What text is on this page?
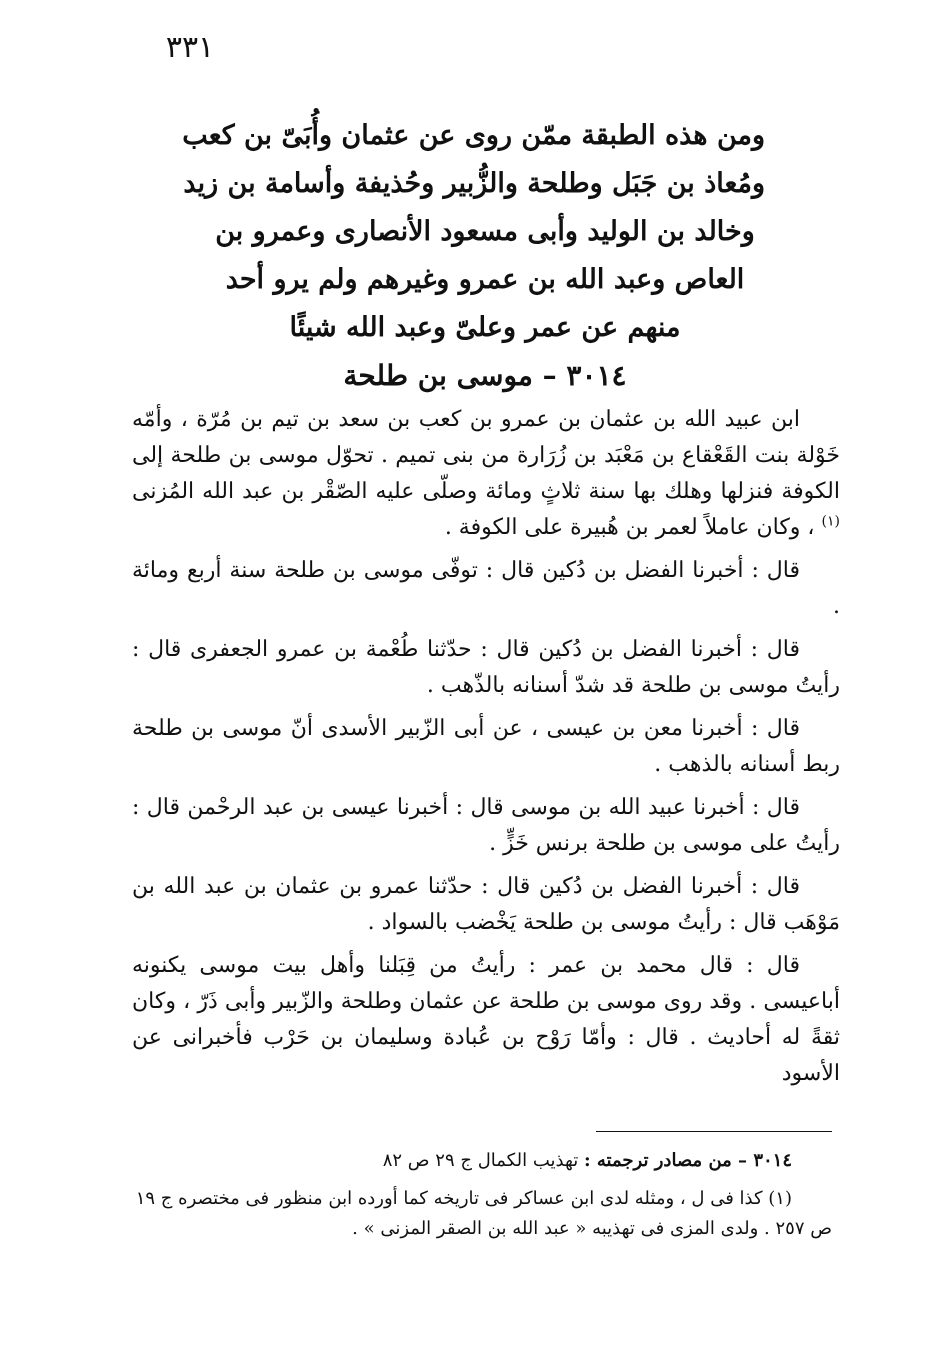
٣٣١
ومن هذه الطبقة ممّن روى عن عثمان وأُبَىّ بن كعب
ومُعاذ بن جَبَل وطلحة والزُّبير وحُذيفة وأسامة بن زيد
وخالد بن الوليد وأبى مسعود الأنصارى وعمرو بن
العاص وعبد الله بن عمرو وغيرهم ولم يرو أحد
منهم عن عمر وعلىّ وعبد الله شيئًا
٣٠١٤ – موسى بن طلحة

ابن عبيد الله بن عثمان بن عمرو بن كعب بن سعد بن تيم بن مُرّة ، وأمّه خَوْلة بنت القَعْقاع بن مَعْبَد بن زُرَارة من بنى تميم . تحوّل موسى بن طلحة إلى الكوفة فنزلها وهلك بها سنة ثلاثٍ ومائة وصلّى عليه الصّقْر بن عبد الله المُزنى $^{(١)}$ ، وكان عاملاً لعمر بن هُبيرة على الكوفة .

قال : أخبرنا الفضل بن دُكين قال : توفّى موسى بن طلحة سنة أربع ومائة .

قال : أخبرنا الفضل بن دُكين قال : حدّثنا طُعْمة بن عمرو الجعفرى قال : رأيتُ موسى بن طلحة قد شدّ أسنانه بالذّهب .

قال : أخبرنا معن بن عيسى ، عن أبى الزّبير الأسدى أنّ موسى بن طلحة ربط أسنانه بالذهب .

قال : أخبرنا عبيد الله بن موسى قال : أخبرنا عيسى بن عبد الرحْمن قال : رأيتُ على موسى بن طلحة برنس خَزٍّ .

قال : أخبرنا الفضل بن دُكين قال : حدّثنا عمرو بن عثمان بن عبد الله بن مَوْهَب قال : رأيتُ موسى بن طلحة يَخْضب بالسواد .

قال : قال محمد بن عمر : رأيتُ من قِبَلنا وأهل بيت موسى يكنونه أباعيسى . وقد روى موسى بن طلحة عن عثمان وطلحة والزّبير وأبى ذَرّ ، وكان ثقةً له أحاديث . قال : وأمّا رَوْح بن عُبادة وسليمان بن حَرْب فأخبرانى عن الأسود

٣٠١٤ – من مصادر ترجمته : تهذيب الكمال ج ٢٩ ص ٨٢

(١) كذا فى ل ، ومثله لدى ابن عساكر فى تاريخه كما أورده ابن منظور فى مختصره ج ١٩ ص ٢٥٧ . ولدى المزى فى تهذيبه « عبد الله بن الصقر المزنى » .
